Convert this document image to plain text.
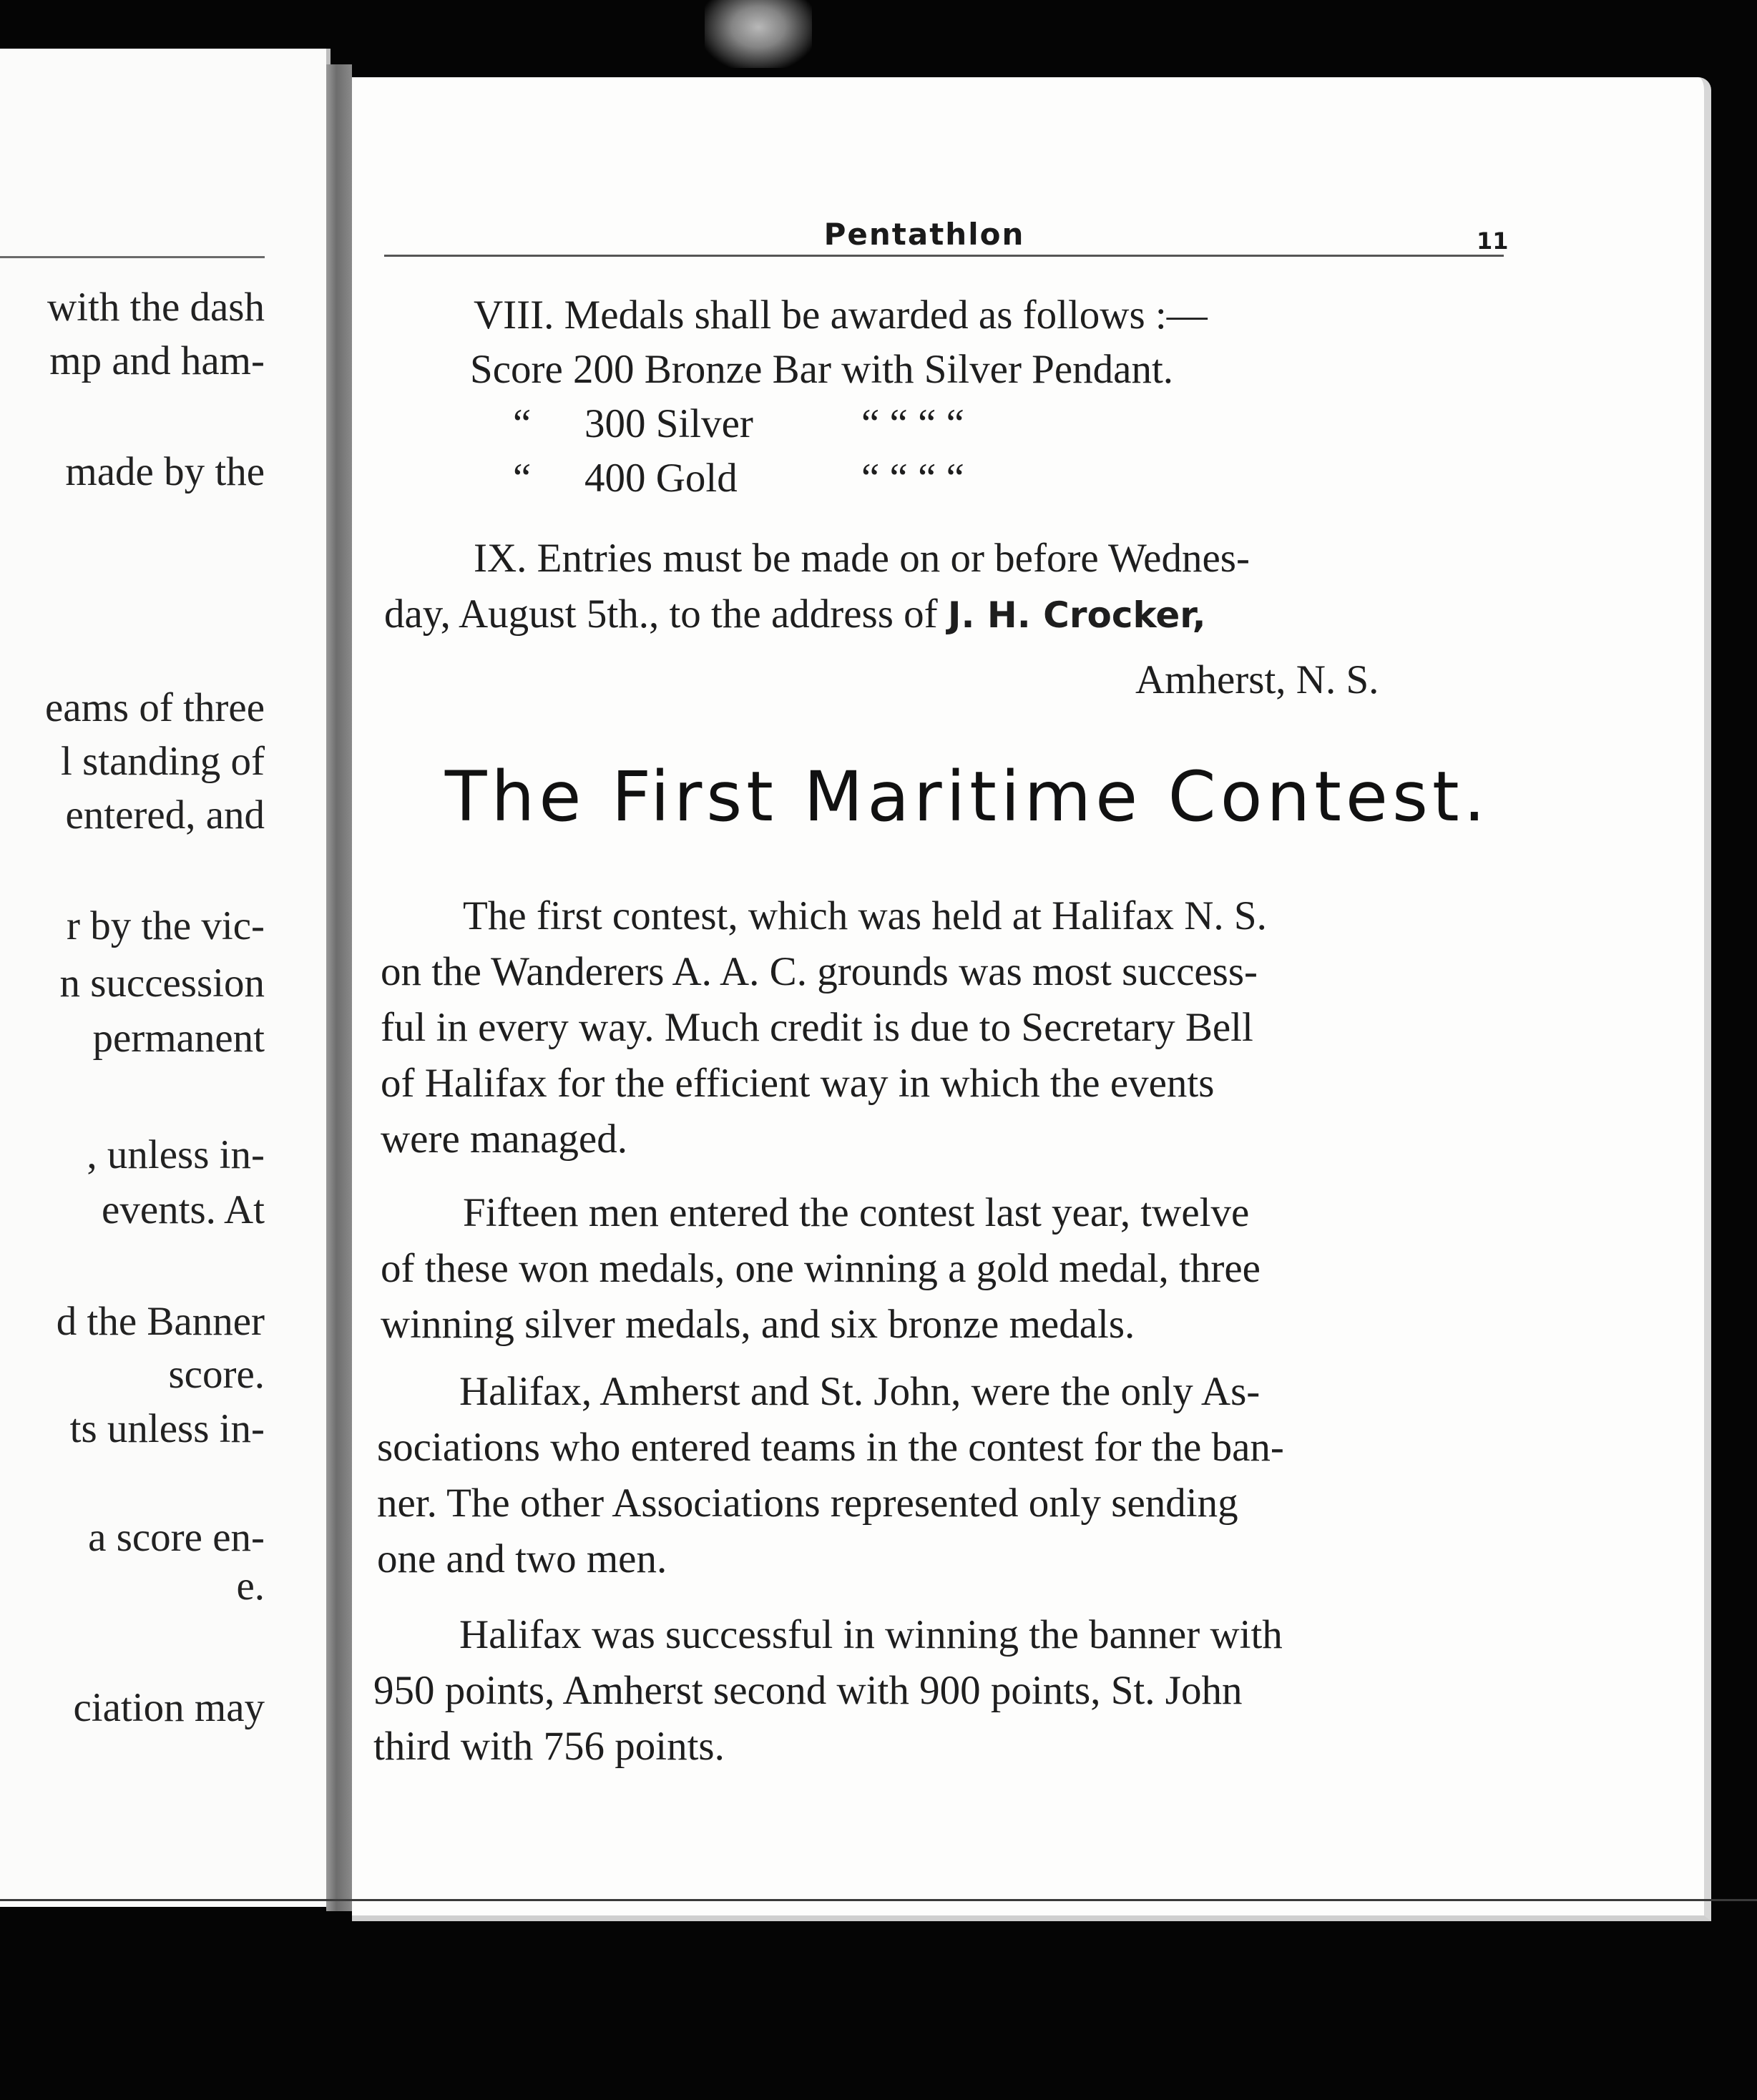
with the dash
mp and ham-
made by the
eams of three
l standing of
entered, and
r by the vic-
n succession
permanent
, unless in-
events. At
d the Banner
score.
ts unless in-
a score en-
e.
ciation may
Pentathlon	11
VIII. Medals shall be awarded as follows :—
Score 200 Bronze Bar with Silver Pendant.
“ 300 Silver	“ “ “ “
“ 400 Gold	“ “ “ “
IX. Entries must be made on or before Wednes-
day, August 5th., to the address of J. H. Crocker,
Amherst, N. S.
The First Maritime Contest.
The first contest, which was held at Halifax N. S.
on the Wanderers A. A. C. grounds was most success-
ful in every way. Much credit is due to Secretary Bell
of Halifax for the efficient way in which the events
were managed.
Fifteen men entered the contest last year, twelve
of these won medals, one winning a gold medal, three
winning silver medals, and six bronze medals.
Halifax, Amherst and St. John, were the only As-
sociations who entered teams in the contest for the ban-
ner. The other Associations represented only sending
one and two men.
Halifax was successful in winning the banner with
950 points, Amherst second with 900 points, St. John
third with 756 points.
